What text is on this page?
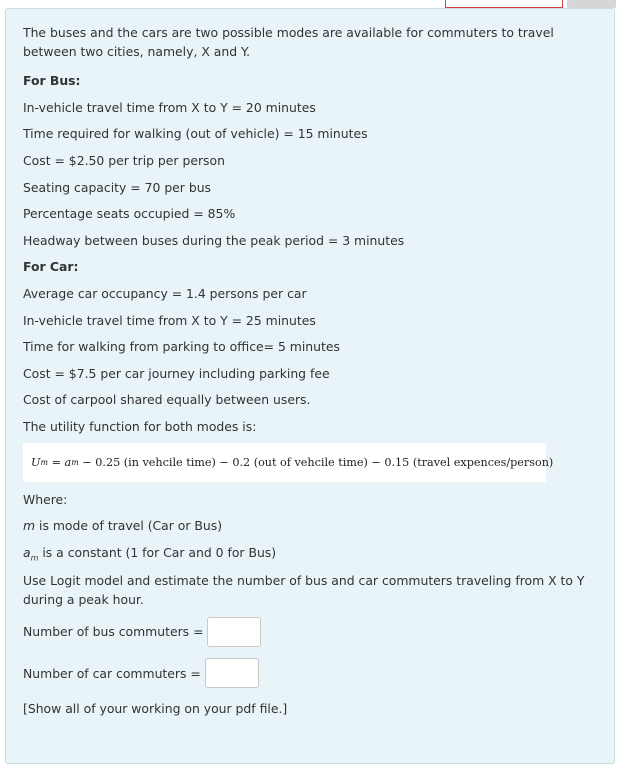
The buses and the cars are two possible modes are available for commuters to travel between two cities, namely, X and Y.

For Bus:
In-vehicle travel time from X to Y = 20 minutes
Time required for walking (out of vehicle) = 15 minutes
Cost = $2.50 per trip per person
Seating capacity = 70 per bus
Percentage seats occupied = 85%
Headway between buses during the peak period = 3 minutes
For Car:
Average car occupancy = 1.4 persons per car
In-vehicle travel time from X to Y = 25 minutes
Time for walking from parking to office= 5 minutes
Cost = $7.5 per car journey including parking fee
Cost of carpool shared equally between users.
The utility function for both modes is:
U m = a m − 0.25 (in vehcile time) − 0.2 (out of vehcile time) − 0.15 (travel expences/person)
Where:
m is mode of travel (Car or Bus)
$a_m$ is a constant (1 for Car and 0 for Bus)

Use Logit model and estimate the number of bus and car commuters traveling from X to Y during a peak hour.

Number of bus commuters =
Number of car commuters =
[Show all of your working on your pdf file.]
